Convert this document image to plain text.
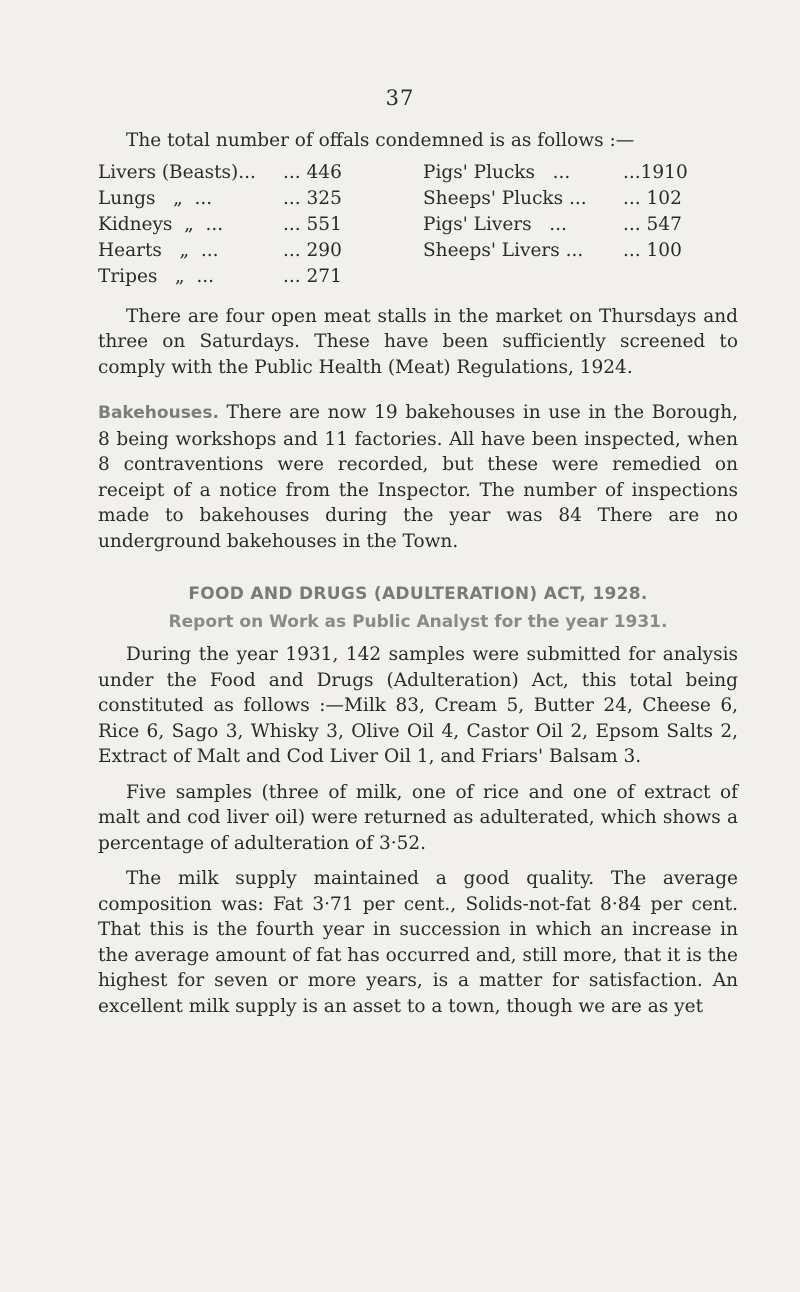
37

The total number of offals condemned is as follows :—

Livers (Beasts)...	... 446
Lungs   „  ...	... 325
Kidneys  „  ...	... 551
Hearts   „  ...	... 290
Tripes   „  ...	... 271
Pigs' Plucks   ...	...1910
Sheeps' Plucks ...	... 102
Pigs' Livers   ...	... 547
Sheeps' Livers ...	... 100

There are four open meat stalls in the market on Thursdays and three on Saturdays. These have been sufficiently screened to comply with the Public Health (Meat) Regulations, 1924.

Bakehouses. There are now 19 bakehouses in use in the Borough, 8 being workshops and 11 factories. All have been inspected, when 8 contraventions were recorded, but these were remedied on receipt of a notice from the Inspector. The number of inspections made to bakehouses during the year was 84 There are no underground bakehouses in the Town.

FOOD AND DRUGS (ADULTERATION) ACT, 1928.
Report on Work as Public Analyst for the year 1931.

During the year 1931, 142 samples were submitted for analysis under the Food and Drugs (Adulteration) Act, this total being constituted as follows :—Milk 83, Cream 5, Butter 24, Cheese 6, Rice 6, Sago 3, Whisky 3, Olive Oil 4, Castor Oil 2, Epsom Salts 2, Extract of Malt and Cod Liver Oil 1, and Friars' Balsam 3.

Five samples (three of milk, one of rice and one of extract of malt and cod liver oil) were returned as adulterated, which shows a percentage of adulteration of 3·52.

The milk supply maintained a good quality. The average composition was: Fat 3·71 per cent., Solids-not-fat 8·84 per cent. That this is the fourth year in succession in which an increase in the average amount of fat has occurred and, still more, that it is the highest for seven or more years, is a matter for satisfaction. An excellent milk supply is an asset to a town, though we are as yet
